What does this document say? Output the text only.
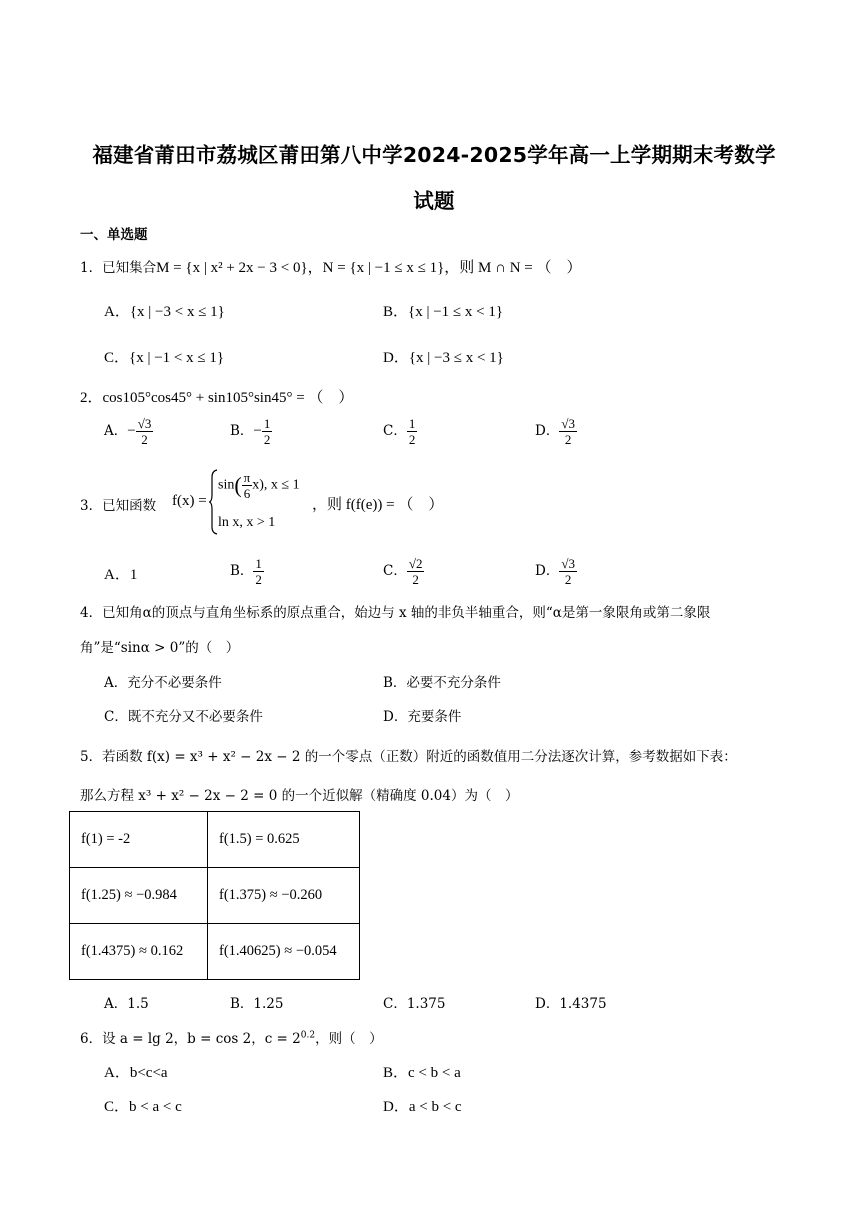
福建省莆田市荔城区莆田第八中学2024-2025学年高一上学期期末考数学
试题
一、单选题
1．已知集合M = {x | x² + 2x − 3 < 0}，N = {x | −1 ≤ x ≤ 1}，则 M ∩ N = （　）
A．{x | −3 < x ≤ 1}	B．{x | −1 ≤ x < 1}
C．{x | −1 < x ≤ 1}	D．{x | −3 ≤ x < 1}
2．cos105°cos45° + sin105°sin45° = （　）
A．− $\frac{√3}{2}$	B．− $\frac{1}{2}$	C． $\frac{1}{2}$	D． $\frac{√3}{2}$
3．已知函数 f(x) =
$\sin( \frac{\pi}{6} x)$, x ≤ 1
ln x, x > 1
，则 f(f(e)) = （　）
A．1	B． $\frac{1}{2}$	C． $\frac{√2}{2}$	D． $\frac{√3}{2}$
4．已知角α的顶点与直角坐标系的原点重合，始边与 x 轴的非负半轴重合，则“α是第一象限角或第二象限
角”是“sinα > 0”的（　）
A．充分不必要条件	B．必要不充分条件
C．既不充分又不必要条件	D．充要条件
5．若函数 f(x) = x³ + x² − 2x − 2 的一个零点（正数）附近的函数值用二分法逐次计算，参考数据如下表：
那么方程 x³ + x² − 2x − 2 = 0 的一个近似解（精确度 0.04）为（　）
f(1) = -2	f(1.5) = 0.625
f(1.25) ≈ −0.984	f(1.375) ≈ −0.260
f(1.4375) ≈ 0.162	f(1.40625) ≈ −0.054
A．1.5	B．1.25	C．1.375	D．1.4375
6．设 a = lg 2，b = cos 2，$c = 2^{0.2}$，则（　）
A．b<c<a	B．c < b < a
C．b < a < c	D．a < b < c
